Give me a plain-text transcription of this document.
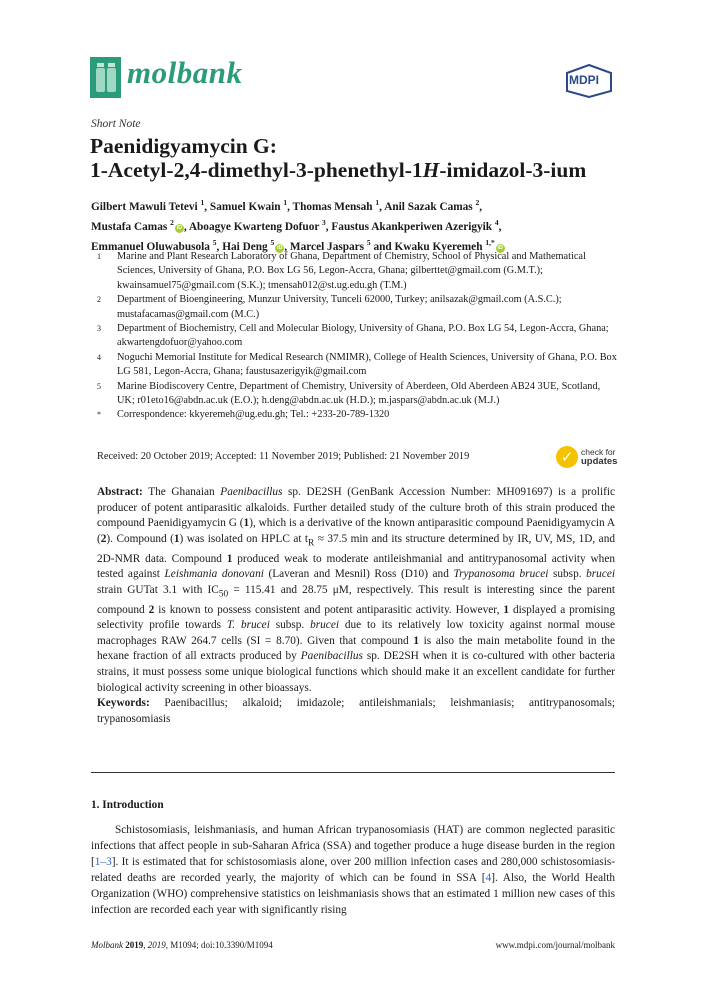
molbank	MDPI
Short Note
Paenidigyamycin G:
1-Acetyl-2,4-dimethyl-3-phenethyl-1H-imidazol-3-ium
Gilbert Mawuli Tetevi $^1$, Samuel Kwain $^1$, Thomas Mensah $^1$, Anil Sazak Camas $^2$,
Mustafa Camas $^2$iD , Aboagye Kwarteng Dofuor $^3$, Faustus Akankperiwen Azerigyik $^4$,
Emmanuel Oluwabusola $^5$, Hai Deng $^5$iD , Marcel Jaspars $^5$ and Kwaku Kyeremeh $^{1,*}$iD
1	Marine and Plant Research Laboratory of Ghana, Department of Chemistry, School of Physical and Mathematical Sciences, University of Ghana, P.O. Box LG 56, Legon-Accra, Ghana; gilberttet@gmail.com (G.M.T.); kwainsamuel75@gmail.com (S.K.); tmensah012@st.ug.edu.gh (T.M.)
2	Department of Bioengineering, Munzur University, Tunceli 62000, Turkey; anilsazak@gmail.com (A.S.C.); mustafacamas@gmail.com (M.C.)
3	Department of Biochemistry, Cell and Molecular Biology, University of Ghana, P.O. Box LG 54, Legon-Accra, Ghana; akwartengdofuor@yahoo.com
4	Noguchi Memorial Institute for Medical Research (NMIMR), College of Health Sciences, University of Ghana, P.O. Box LG 581, Legon-Accra, Ghana; faustusazerigyik@gmail.com
5	Marine Biodiscovery Centre, Department of Chemistry, University of Aberdeen, Old Aberdeen AB24 3UE, Scotland, UK; r01eto16@abdn.ac.uk (E.O.); h.deng@abdn.ac.uk (H.D.); m.jaspars@abdn.ac.uk (M.J.)
*	Correspondence: kkyeremeh@ug.edu.gh; Tel.: +233-20-789-1320
Received: 20 October 2019; Accepted: 11 November 2019; Published: 21 November 2019	✓ check for
updates
Abstract: The Ghanaian Paenibacillus sp. DE2SH (GenBank Accession Number: MH091697) is a prolific producer of potent antiparasitic alkaloids. Further detailed study of the culture broth of this strain produced the compound Paenidigyamycin G (1), which is a derivative of the known antiparasitic compound Paenidigyamycin A (2). Compound (1) was isolated on HPLC at $t_R \approx 37.5$ min and its structure determined by IR, UV, MS, 1D, and 2D-NMR data. Compound 1 produced weak to moderate antileishmanial and antitrypanosomal activity when tested against Leishmania donovani (Laveran and Mesnil) Ross (D10) and Trypanosoma brucei subsp. brucei strain GUTat 3.1 with $IC_{50} = 115.41$ and 28.75 μM, respectively. This result is interesting since the parent compound 2 is known to possess consistent and potent antiparasitic activity. However, 1 displayed a promising selectivity profile towards T. brucei subsp. brucei due to its relatively low toxicity against normal mouse macrophages RAW 264.7 cells (SI = 8.70). Given that compound 1 is also the main metabolite found in the hexane fraction of all extracts produced by Paenibacillus sp. DE2SH when it is co-cultured with other bacteria strains, it must possess some unique biological functions which should make it an excellent candidate for further biological activity screening in other bioassays.
Keywords: Paenibacillus; alkaloid; imidazole; antileishmanials; leishmaniasis; antitrypanosomals; trypanosomiasis
1. Introduction
Schistosomiasis, leishmaniasis, and human African trypanosomiasis (HAT) are common neglected parasitic infections that affect people in sub-Saharan Africa (SSA) and together produce a huge disease burden in the region [1–3]. It is estimated that for schistosomiasis alone, over 200 million infection cases and 280,000 schistosomiasis-related deaths are recorded yearly, the majority of which can be found in SSA [4]. Also, the World Health Organization (WHO) comprehensive statistics on leishmaniasis shows that an estimated 1 million new cases of this infection are recorded each year with significantly rising
Molbank 2019, 2019, M1094; doi:10.3390/M1094	www.mdpi.com/journal/molbank
